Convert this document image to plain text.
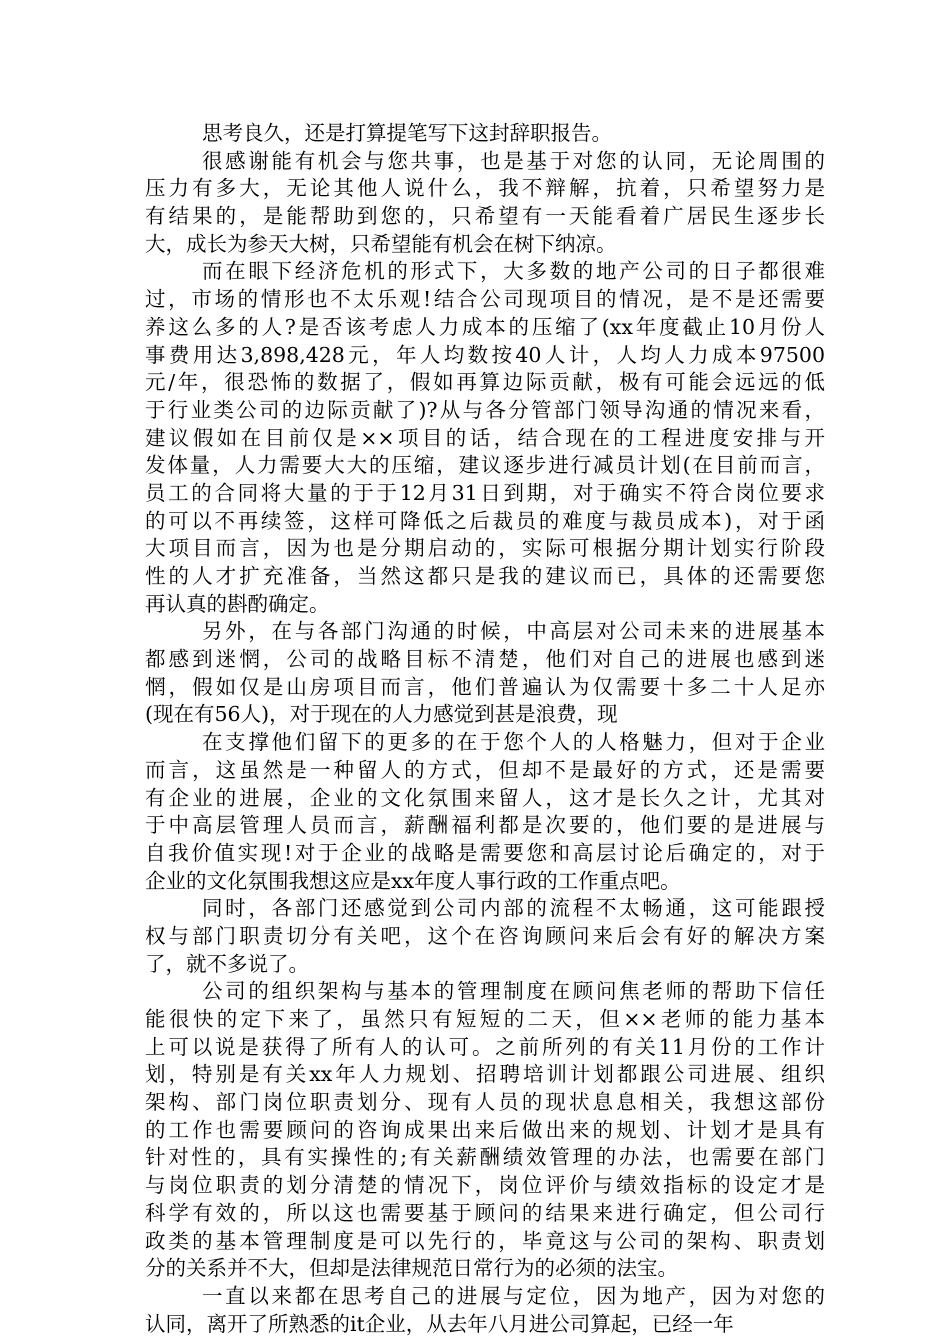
思考良久，还是打算提笔写下这封辞职报告。
很感谢能有机会与您共事，也是基于对您的认同，无论周围的
压力有多大，无论其他人说什么，我不辩解，抗着，只希望努力是
有结果的，是能帮助到您的，只希望有一天能看着广居民生逐步长
大，成长为参天大树，只希望能有机会在树下纳凉。
而在眼下经济危机的形式下，大多数的地产公司的日子都很难
过，市场的情形也不太乐观!结合公司现项目的情况，是不是还需要
养这么多的人?是否该考虑人力成本的压缩了(xx年度截止10月份人
事费用达3,898,428元，年人均数按40人计，人均人力成本97500
元/年，很恐怖的数据了，假如再算边际贡献，极有可能会远远的低
于行业类公司的边际贡献了)?从与各分管部门领导沟通的情况来看，
建议假如在目前仅是××项目的话，结合现在的工程进度安排与开
发体量，人力需要大大的压缩，建议逐步进行减员计划(在目前而言，
员工的合同将大量的于于12月31日到期，对于确实不符合岗位要求
的可以不再续签，这样可降低之后裁员的难度与裁员成本)，对于函
大项目而言，因为也是分期启动的，实际可根据分期计划实行阶段
性的人才扩充准备，当然这都只是我的建议而已，具体的还需要您
再认真的斟酌确定。
另外，在与各部门沟通的时候，中高层对公司未来的进展基本
都感到迷惘，公司的战略目标不清楚，他们对自己的进展也感到迷
惘，假如仅是山房项目而言，他们普遍认为仅需要十多二十人足亦
(现在有56人)，对于现在的人力感觉到甚是浪费，现
在支撑他们留下的更多的在于您个人的人格魅力，但对于企业
而言，这虽然是一种留人的方式，但却不是最好的方式，还是需要
有企业的进展，企业的文化氛围来留人，这才是长久之计，尤其对
于中高层管理人员而言，薪酬福利都是次要的，他们要的是进展与
自我价值实现!对于企业的战略是需要您和高层讨论后确定的，对于
企业的文化氛围我想这应是xx年度人事行政的工作重点吧。
同时，各部门还感觉到公司内部的流程不太畅通，这可能跟授
权与部门职责切分有关吧，这个在咨询顾问来后会有好的解决方案
了，就不多说了。
公司的组织架构与基本的管理制度在顾问焦老师的帮助下信任
能很快的定下来了，虽然只有短短的二天，但××老师的能力基本
上可以说是获得了所有人的认可。之前所列的有关11月份的工作计
划，特别是有关xx年人力规划、招聘培训计划都跟公司进展、组织
架构、部门岗位职责划分、现有人员的现状息息相关，我想这部份
的工作也需要顾问的咨询成果出来后做出来的规划、计划才是具有
针对性的，具有实操性的;有关薪酬绩效管理的办法，也需要在部门
与岗位职责的划分清楚的情况下，岗位评价与绩效指标的设定才是
科学有效的，所以这也需要基于顾问的结果来进行确定，但公司行
政类的基本管理制度是可以先行的，毕竟这与公司的架构、职责划
分的关系并不大，但却是法律规范日常行为的必须的法宝。
一直以来都在思考自己的进展与定位，因为地产，因为对您的
认同，离开了所熟悉的it企业，从去年八月进公司算起，已经一年
